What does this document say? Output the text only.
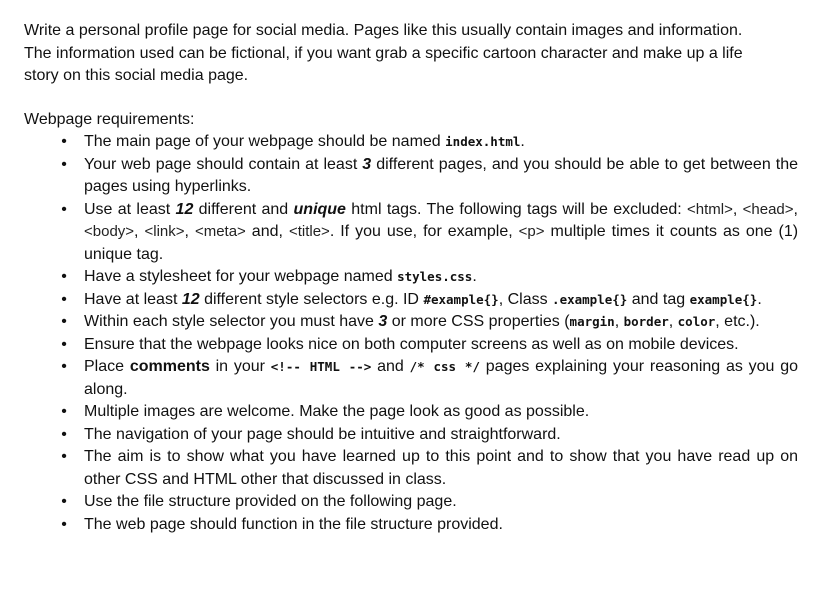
Write a personal profile page for social media. Pages like this usually contain images and information.
The information used can be fictional, if you want grab a specific cartoon character and make up a life
story on this social media page.

Webpage requirements:

• The main page of your webpage should be named index.html.
• Your web page should contain at least 3 different pages, and you should be able to get between the pages using hyperlinks.
• Use at least 12 different and unique html tags. The following tags will be excluded: <html>, <head>, <body>, <link>, <meta> and, <title>. If you use, for example, <p> multiple times it counts as one (1) unique tag.
• Have a stylesheet for your webpage named styles.css.
• Have at least 12 different style selectors e.g. ID #example{}, Class .example{} and tag example{}.
• Within each style selector you must have 3 or more CSS properties (margin, border, color, etc.).
• Ensure that the webpage looks nice on both computer screens as well as on mobile devices.
• Place comments in your <!-- HTML --> and /* css */ pages explaining your reasoning as you go along.
• Multiple images are welcome. Make the page look as good as possible.
• The navigation of your page should be intuitive and straightforward.
• The aim is to show what you have learned up to this point and to show that you have read up on other CSS and HTML other that discussed in class.
• Use the file structure provided on the following page.
• The web page should function in the file structure provided.
